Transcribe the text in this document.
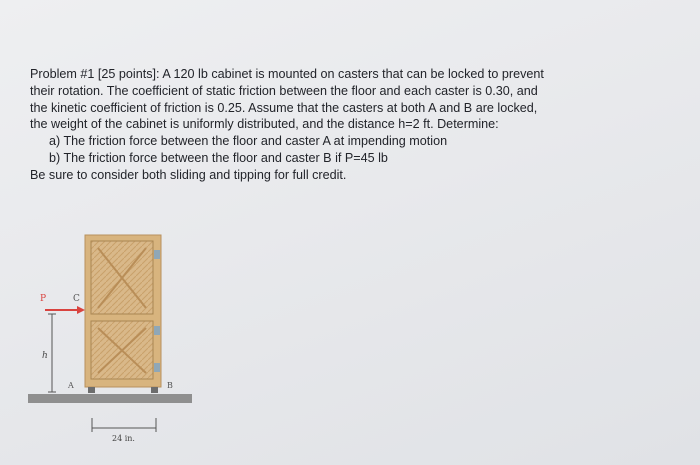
Problem #1 [25 points]: A 120 lb cabinet is mounted on casters that can be locked to prevent

their rotation. The coefficient of static friction between the floor and each caster is 0.30, and

the kinetic coefficient of friction is 0.25. Assume that the casters at both A and B are locked,

the weight of the cabinet is uniformly distributed, and the distance h=2 ft. Determine:

a) The friction force between the floor and caster A at impending motion

b) The friction force between the floor and caster B if P=45 lb

Be sure to consider both sliding and tipping for full credit.

P	C
h
A	B
24 in.
